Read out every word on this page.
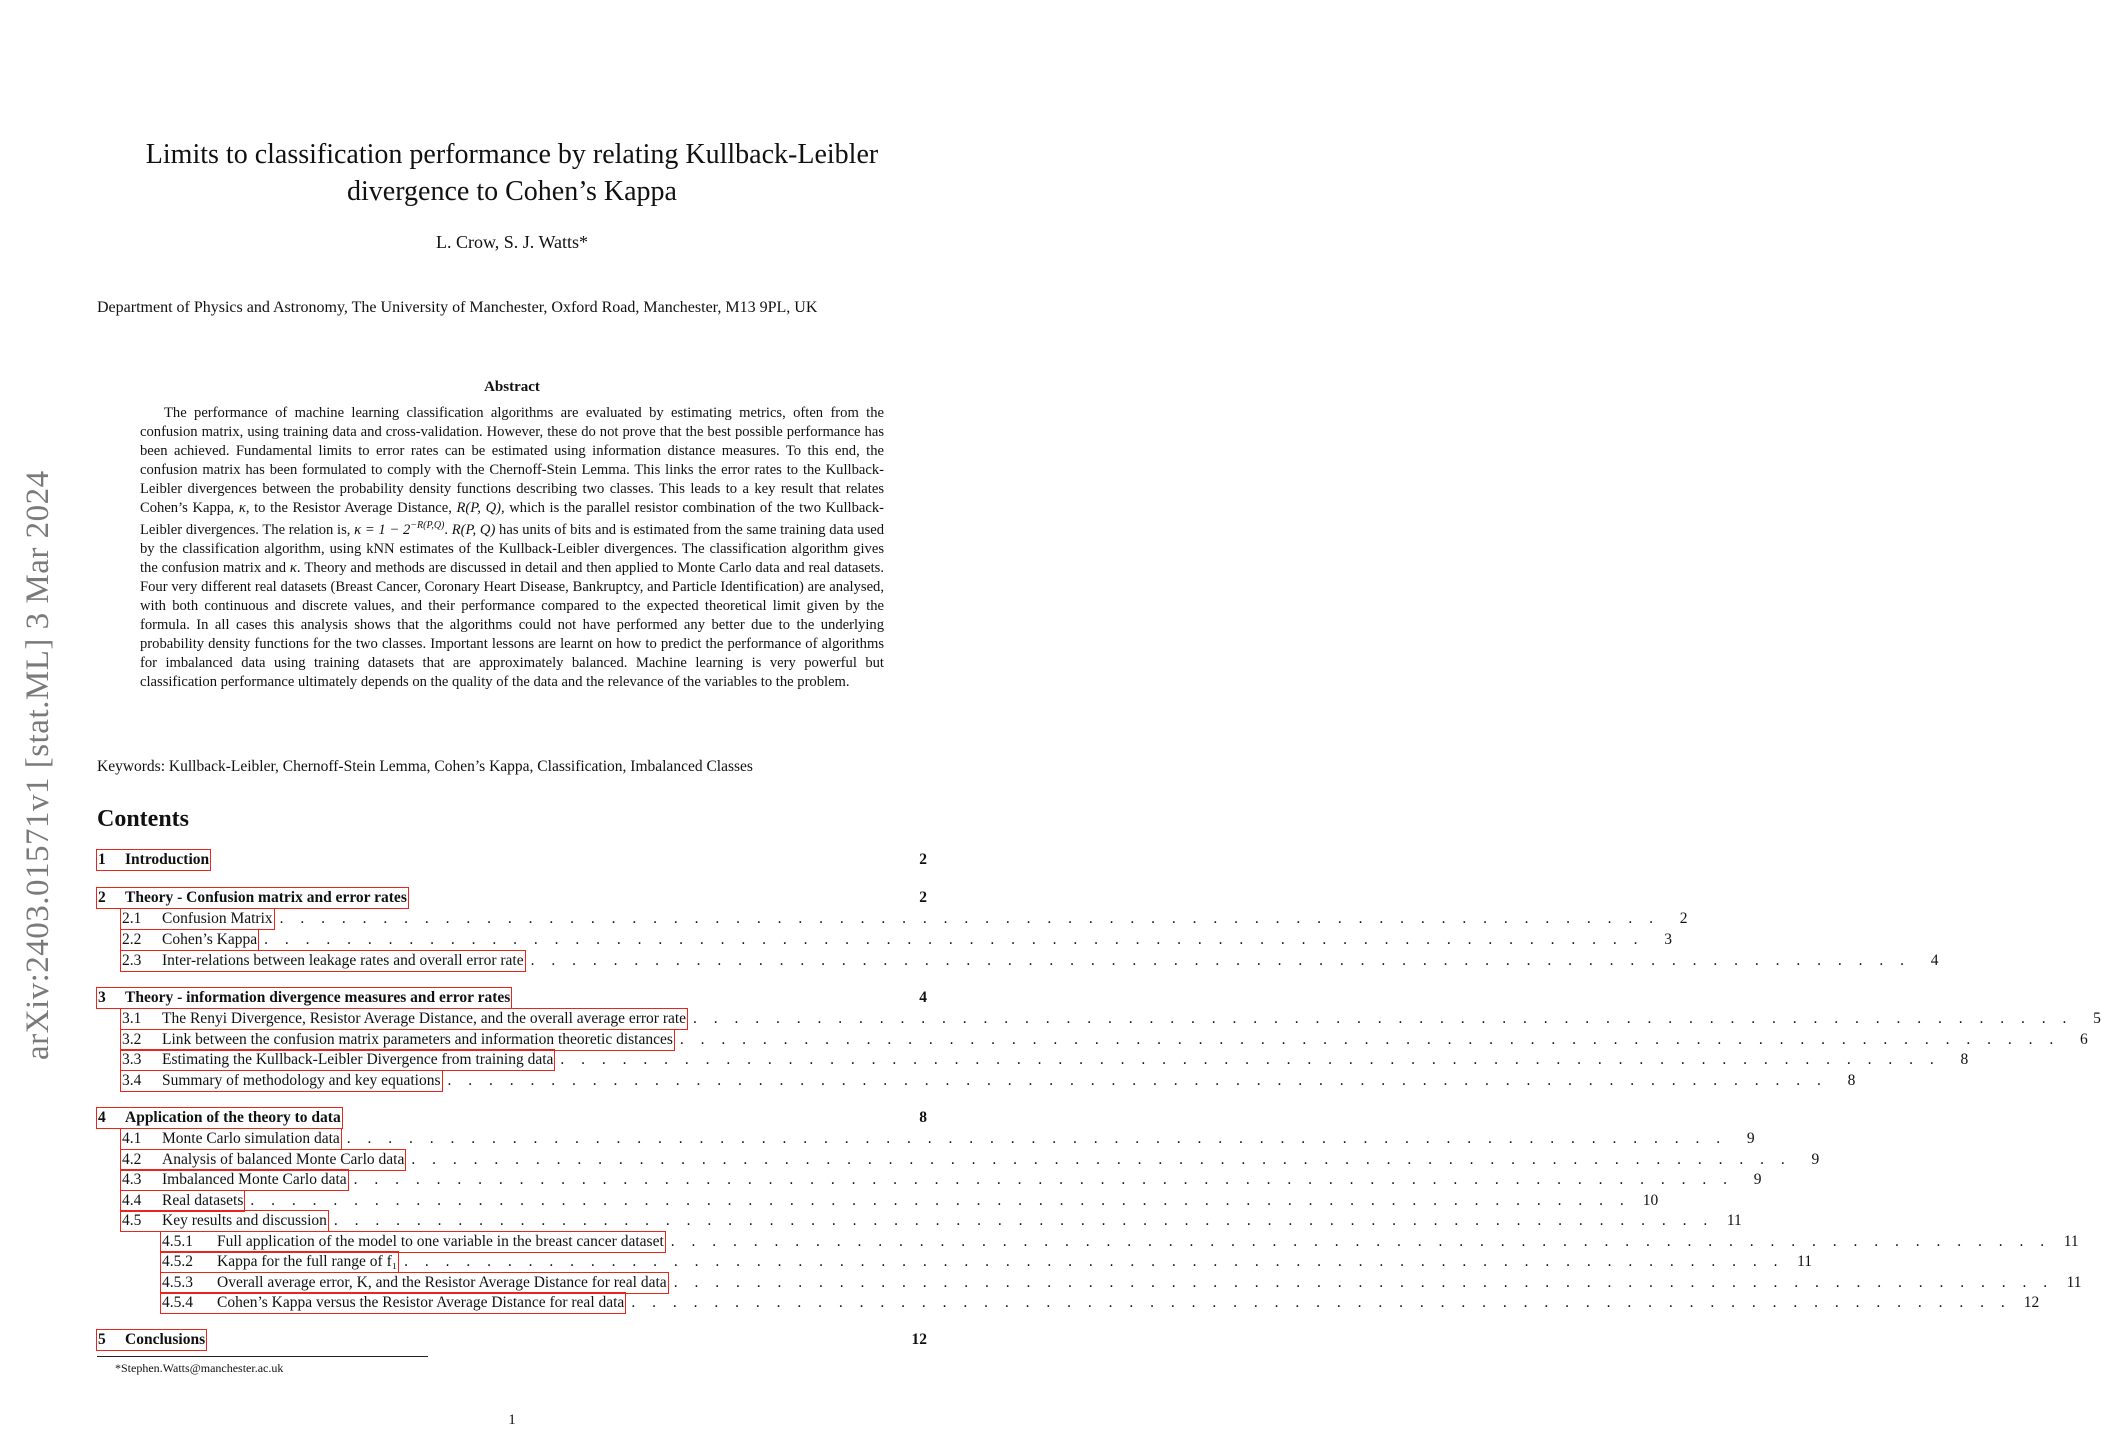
arXiv:2403.01571v1 [stat.ML] 3 Mar 2024
Limits to classification performance by relating Kullback-Leibler
divergence to Cohen’s Kappa
L. Crow, S. J. Watts*
Department of Physics and Astronomy, The University of Manchester, Oxford Road, Manchester, M13 9PL, UK
Abstract
The performance of machine learning classification algorithms are evaluated by estimating metrics, often from the confusion matrix, using training data and cross-validation. However, these do not prove that the best possible performance has been achieved. Fundamental limits to error rates can be estimated using information distance measures. To this end, the confusion matrix has been formulated to comply with the Chernoff-Stein Lemma. This links the error rates to the Kullback-Leibler divergences between the probability density functions describing two classes. This leads to a key result that relates Cohen’s Kappa, κ, to the Resistor Average Distance, R(P, Q), which is the parallel resistor combination of the two Kullback-Leibler divergences. The relation is, $\kappa = 1 - 2^{-R(P,Q)}$. R(P, Q) has units of bits and is estimated from the same training data used by the classification algorithm, using kNN estimates of the Kullback-Leibler divergences. The classification algorithm gives the confusion matrix and κ. Theory and methods are discussed in detail and then applied to Monte Carlo data and real datasets. Four very different real datasets (Breast Cancer, Coronary Heart Disease, Bankruptcy, and Particle Identification) are analysed, with both continuous and discrete values, and their performance compared to the expected theoretical limit given by the formula. In all cases this analysis shows that the algorithms could not have performed any better due to the underlying probability density functions for the two classes. Important lessons are learnt on how to predict the performance of algorithms for imbalanced data using training datasets that are approximately balanced. Machine learning is very powerful but classification performance ultimately depends on the quality of the data and the relevance of the variables to the problem.
Keywords: Kullback-Leibler, Chernoff-Stein Lemma, Cohen’s Kappa, Classification, Imbalanced Classes
Contents
1	Introduction	2
2	Theory - Confusion matrix and error rates	2
2.1	Confusion Matrix . . . . . . . . . . . . . . . . . . . . . . . . . . . . . . . . . . . . . . . . . . . . . . . . . . . . . . . . . . . . . . . . . . .	2
2.2	Cohen’s Kappa . . . . . . . . . . . . . . . . . . . . . . . . . . . . . . . . . . . . . . . . . . . . . . . . . . . . . . . . . . . . . . . . . . .	3
2.3	Inter-relations between leakage rates and overall error rate . . . . . . . . . . . . . . . . . . . . . . . . . . . . . . . . . . . . . . . . . . . . . . . . . . . . . . . . . . . . . . . . . . .	4
3	Theory - information divergence measures and error rates	4
3.1	The Renyi Divergence, Resistor Average Distance, and the overall average error rate . . . . . . . . . . . . . . . . . . . . . . . . . . . . . . . . . . . . . . . . . . . . . . . . . . . . . . . . . . . . . . . . . . .	5
3.2	Link between the confusion matrix parameters and information theoretic distances . . . . . . . . . . . . . . . . . . . . . . . . . . . . . . . . . . . . . . . . . . . . . . . . . . . . . . . . . . . . . . . . . . .	6
3.3	Estimating the Kullback-Leibler Divergence from training data . . . . . . . . . . . . . . . . . . . . . . . . . . . . . . . . . . . . . . . . . . . . . . . . . . . . . . . . . . . . . . . . . . .	8
3.4	Summary of methodology and key equations . . . . . . . . . . . . . . . . . . . . . . . . . . . . . . . . . . . . . . . . . . . . . . . . . . . . . . . . . . . . . . . . . . .	8
4	Application of the theory to data	8
4.1	Monte Carlo simulation data . . . . . . . . . . . . . . . . . . . . . . . . . . . . . . . . . . . . . . . . . . . . . . . . . . . . . . . . . . . . . . . . . . .	9
4.2	Analysis of balanced Monte Carlo data . . . . . . . . . . . . . . . . . . . . . . . . . . . . . . . . . . . . . . . . . . . . . . . . . . . . . . . . . . . . . . . . . . .	9
4.3	Imbalanced Monte Carlo data . . . . . . . . . . . . . . . . . . . . . . . . . . . . . . . . . . . . . . . . . . . . . . . . . . . . . . . . . . . . . . . . . . .	9
4.4	Real datasets . . . . . . . . . . . . . . . . . . . . . . . . . . . . . . . . . . . . . . . . . . . . . . . . . . . . . . . . . . . . . . . . . . . 10
4.5	Key results and discussion . . . . . . . . . . . . . . . . . . . . . . . . . . . . . . . . . . . . . . . . . . . . . . . . . . . . . . . . . . . . . . . . . . . 11
4.5.1	Full application of the model to one variable in the breast cancer dataset . . . . . . . . . . . . . . . . . . . . . . . . . . . . . . . . . . . . . . . . . . . . . . . . . . . . . . . . . . . . . . . . . . . 11
4.5.2	Kappa for the full range of f₁ . . . . . . . . . . . . . . . . . . . . . . . . . . . . . . . . . . . . . . . . . . . . . . . . . . . . . . . . . . . . . . . . . . . 11
4.5.3	Overall average error, K, and the Resistor Average Distance for real data . . . . . . . . . . . . . . . . . . . . . . . . . . . . . . . . . . . . . . . . . . . . . . . . . . . . . . . . . . . . . . . . . . . 11
4.5.4	Cohen’s Kappa versus the Resistor Average Distance for real data . . . . . . . . . . . . . . . . . . . . . . . . . . . . . . . . . . . . . . . . . . . . . . . . . . . . . . . . . . . . . . . . . . . 12
5	Conclusions	12
*Stephen.Watts@manchester.ac.uk
1
